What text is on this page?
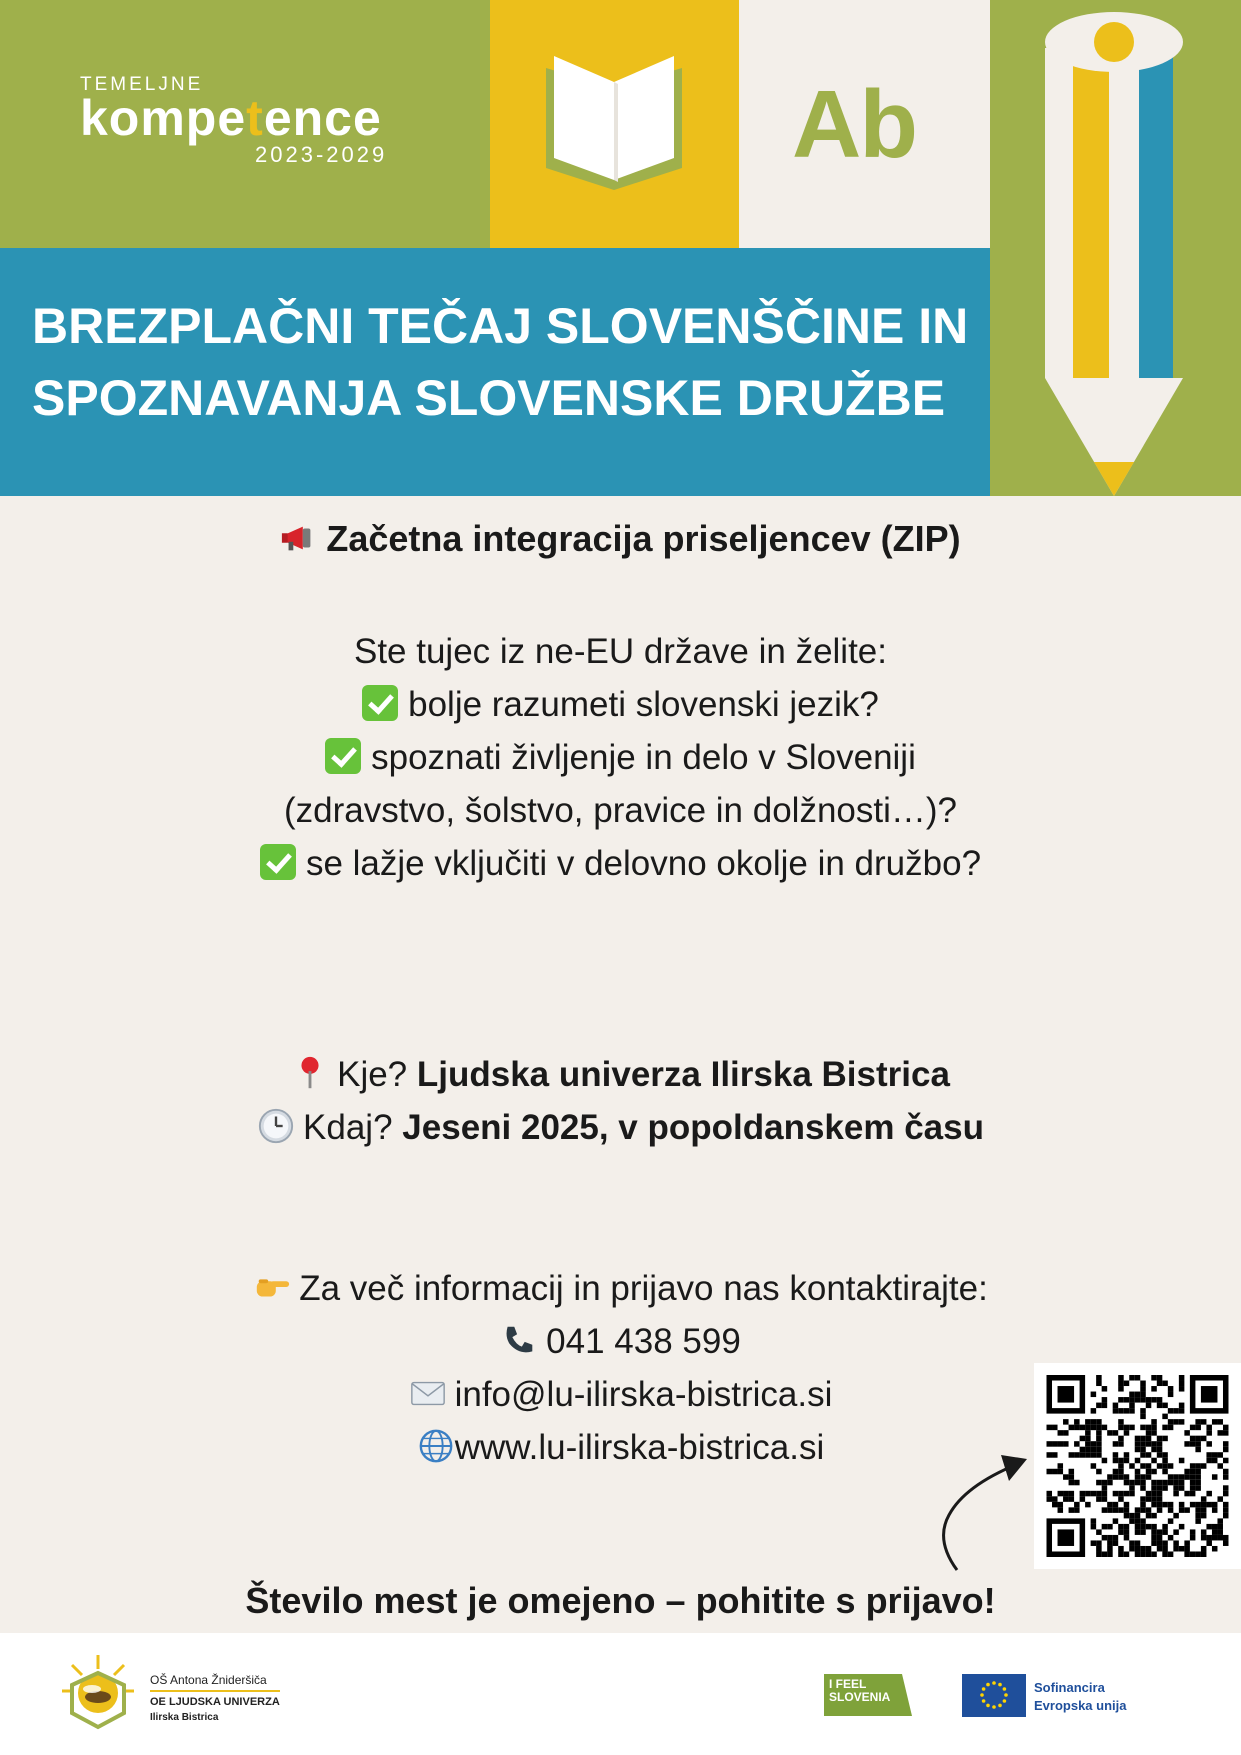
TEMELJNE
kompetence
2023-2029	Ab
BREZPLAČNI TEČAJ SLOVENŠČINE IN
SPOZNAVANJA SLOVENSKE DRUŽBE
Začetna integracija priseljencev (ZIP)
Ste tujec iz ne-EU države in želite:
bolje razumeti slovenski jezik?
spoznati življenje in delo v Sloveniji
(zdravstvo, šolstvo, pravice in dolžnosti…)?
se lažje vključiti v delovno okolje in družbo?
Kje? Ljudska univerza Ilirska Bistrica
Kdaj? Jeseni 2025, v popoldanskem času
Za več informacij in prijavo nas kontaktirajte:
041 438 599
info@lu-ilirska-bistrica.si
www.lu-ilirska-bistrica.si
Število mest je omejeno – pohitite s prijavo!
OŠ Antona Žnideršiča
OE LJUDSKA UNIVERZA
Ilirska Bistrica
I FEEL
SLOVENIA
Sofinancira
Evropska unija
